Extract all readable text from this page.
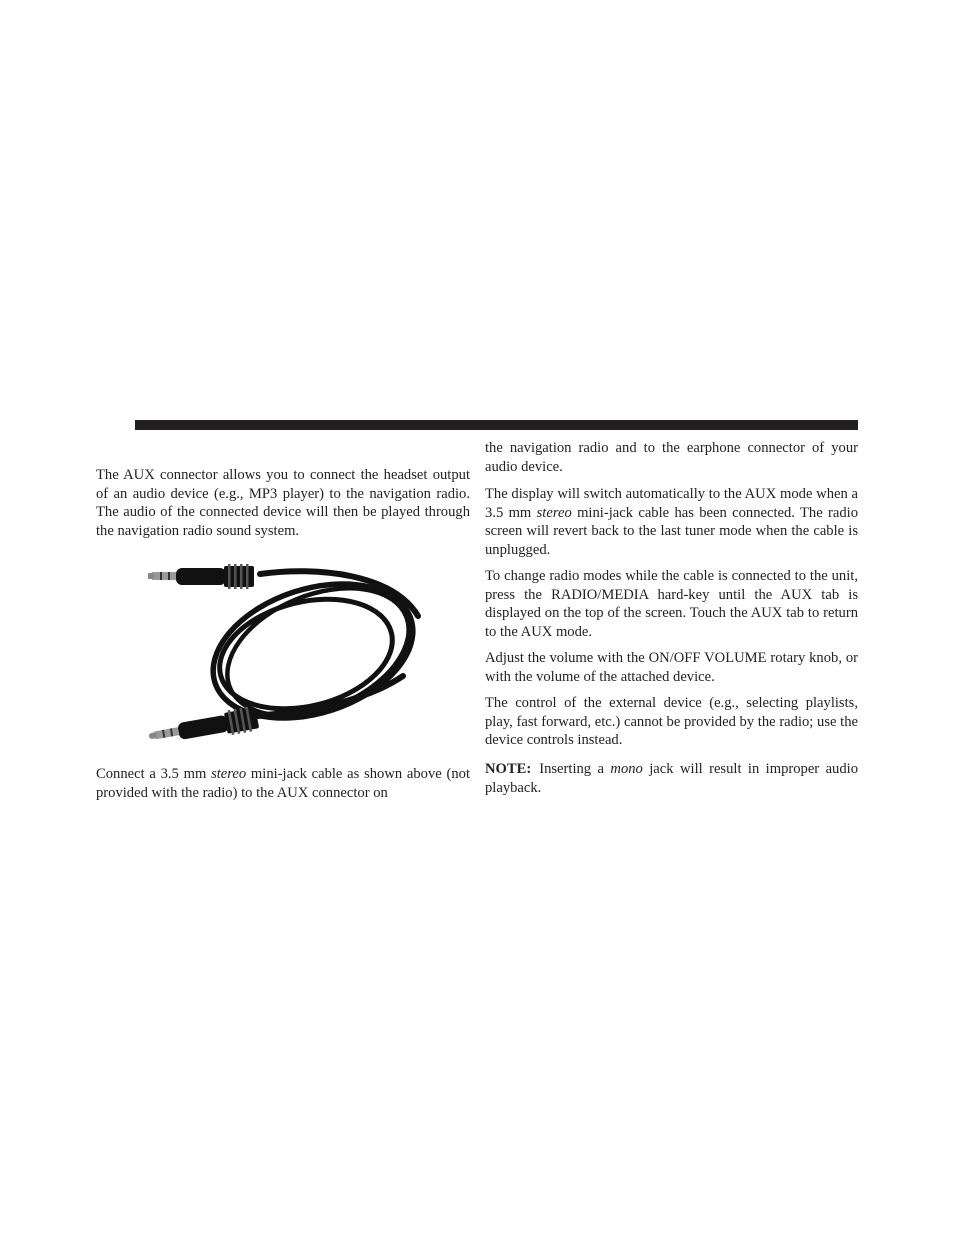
The AUX connector allows you to connect the headset output of an audio device (e.g., MP3 player) to the navigation radio. The audio of the connected device will then be played through the navigation radio sound system.

Connect a 3.5 mm stereo mini-jack cable as shown above (not provided with the radio) to the AUX connector on

the navigation radio and to the earphone connector of your audio device.

The display will switch automatically to the AUX mode when a 3.5 mm stereo mini-jack cable has been connected. The radio screen will revert back to the last tuner mode when the cable is unplugged.

To change radio modes while the cable is connected to the unit, press the RADIO/MEDIA hard-key until the AUX tab is displayed on the top of the screen. Touch the AUX tab to return to the AUX mode.

Adjust the volume with the ON/OFF VOLUME rotary knob, or with the volume of the attached device.

The control of the external device (e.g., selecting playlists, play, fast forward, etc.) cannot be provided by the radio; use the device controls instead.

NOTE: Inserting a mono jack will result in improper audio playback.
